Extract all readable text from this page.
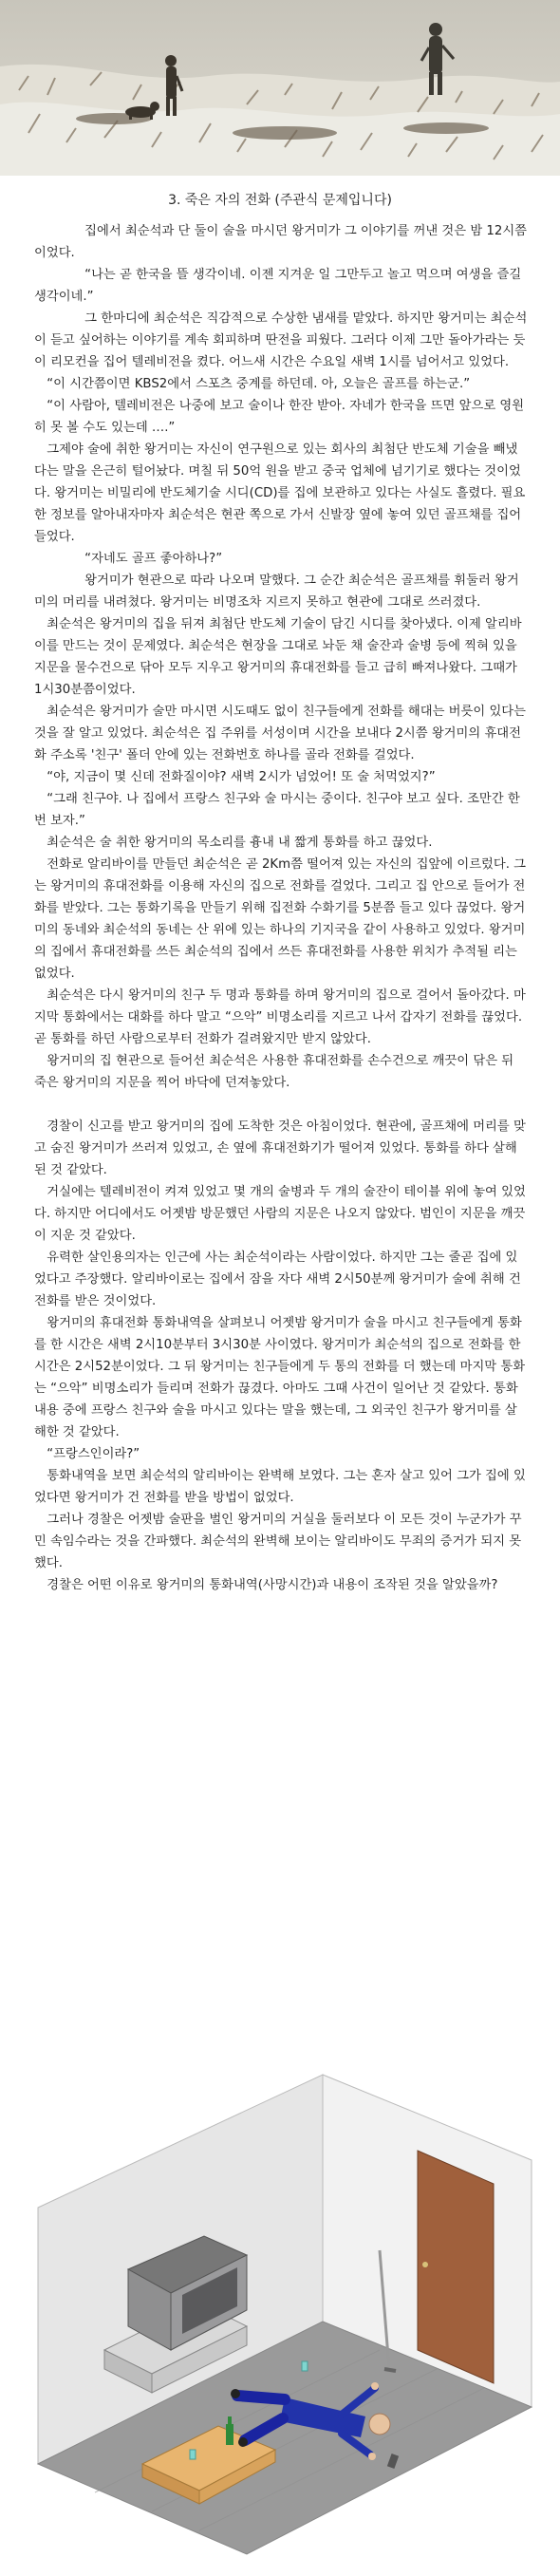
3. 죽은 자의 전화 (주관식 문제입니다)

　　　　집에서 최순석과 단 둘이 술을 마시던 왕거미가 그 이야기를 꺼낸 것은 밤 12시쯤이었다.

　　　　“나는 곧 한국을 뜰 생각이네. 이젠 지겨운 일 그만두고 놀고 먹으며 여생을 즐길 생각이네.”

　　　　그 한마디에 최순석은 직감적으로 수상한 냄새를 맡았다. 하지만 왕거미는 최순석이 듣고 싶어하는 이야기를 계속 회피하며 딴전을 피웠다. 그러다 이제 그만 돌아가라는 듯이 리모컨을 집어 텔레비전을 켰다. 어느새 시간은 수요일 새벽 1시를 넘어서고 있었다.

　“이 시간쯤이면 KBS2에서 스포츠 중계를 하던데. 아, 오늘은 골프를 하는군.”

　“이 사람아, 텔레비전은 나중에 보고 술이나 한잔 받아. 자네가 한국을 뜨면 앞으로 영원히 못 볼 수도 있는데 ….”

　그제야 술에 취한 왕거미는 자신이 연구원으로 있는 회사의 최첨단 반도체 기술을 빼냈다는 말을 은근히 털어놨다. 며칠 뒤 50억 원을 받고 중국 업체에 넘기기로 했다는 것이었다. 왕거미는 비밀리에 반도체기술 시디(CD)를 집에 보관하고 있다는 사실도 흘렸다. 필요한 정보를 알아내자마자 최순석은 현관 쪽으로 가서 신발장 옆에 놓여 있던 골프채를 집어 들었다.

　　　　“자네도 골프 좋아하나?”

　　　　왕거미가 현관으로 따라 나오며 말했다. 그 순간 최순석은 골프채를 휘둘러 왕거미의 머리를 내려쳤다. 왕거미는 비명조차 지르지 못하고 현관에 그대로 쓰러졌다.

　최순석은 왕거미의 집을 뒤져 최첨단 반도체 기술이 담긴 시디를 찾아냈다. 이제 알리바이를 만드는 것이 문제였다. 최순석은 현장을 그대로 놔둔 채 술잔과 술병 등에 찍혀 있을 지문을 물수건으로 닦아 모두 지우고 왕거미의 휴대전화를 들고 급히 빠져나왔다. 그때가 1시30분쯤이었다.

　최순석은 왕거미가 술만 마시면 시도때도 없이 친구들에게 전화를 해대는 버릇이 있다는 것을 잘 알고 있었다. 최순석은 집 주위를 서성이며 시간을 보내다 2시쯤 왕거미의 휴대전화 주소록 '친구' 폴더 안에 있는 전화번호 하나를 골라 전화를 걸었다.

　“야, 지금이 몇 신데 전화질이야? 새벽 2시가 넘었어! 또 술 처먹었지?”

　“그래 친구야. 나 집에서 프랑스 친구와 술 마시는 중이다. 친구야 보고 싶다. 조만간 한번 보자.”

　최순석은 술 취한 왕거미의 목소리를 흉내 내 짧게 통화를 하고 끊었다.

　전화로 알리바이를 만들던 최순석은 곧 2Km쯤 떨어져 있는 자신의 집앞에 이르렀다. 그는 왕거미의 휴대전화를 이용해 자신의 집으로 전화를 걸었다. 그리고 집 안으로 들어가 전화를 받았다. 그는 통화기록을 만들기 위해 집전화 수화기를 5분쯤 들고 있다 끊었다. 왕거미의 동네와 최순석의 동네는 산 위에 있는 하나의 기지국을 같이 사용하고 있었다. 왕거미의 집에서 휴대전화를 쓰든 최순석의 집에서 쓰든 휴대전화를 사용한 위치가 추적될 리는 없었다.

　최순석은 다시 왕거미의 친구 두 명과 통화를 하며 왕거미의 집으로 걸어서 돌아갔다. 마지막 통화에서는 대화를 하다 말고 “으악” 비명소리를 지르고 나서 갑자기 전화를 끊었다. 곧 통화를 하던 사람으로부터 전화가 걸려왔지만 받지 않았다.

　왕거미의 집 현관으로 들어선 최순석은 사용한 휴대전화를 손수건으로 깨끗이 닦은 뒤 죽은 왕거미의 지문을 찍어 바닥에 던져놓았다.

　경찰이 신고를 받고 왕거미의 집에 도착한 것은 아침이었다. 현관에, 골프채에 머리를 맞고 숨진 왕거미가 쓰러져 있었고, 손 옆에 휴대전화기가 떨어져 있었다. 통화를 하다 살해된 것 같았다.

　거실에는 텔레비전이 켜져 있었고 몇 개의 술병과 두 개의 술잔이 테이블 위에 놓여 있었다. 하지만 어디에서도 어젯밤 방문했던 사람의 지문은 나오지 않았다. 범인이 지문을 깨끗이 지운 것 같았다.

　유력한 살인용의자는 인근에 사는 최순석이라는 사람이었다. 하지만 그는 줄곧 집에 있었다고 주장했다. 알리바이로는 집에서 잠을 자다 새벽 2시50분께 왕거미가 술에 취해 건 전화를 받은 것이었다.

　왕거미의 휴대전화 통화내역을 살펴보니 어젯밤 왕거미가 술을 마시고 친구들에게 통화를 한 시간은 새벽 2시10분부터 3시30분 사이였다. 왕거미가 최순석의 집으로 전화를 한 시간은 2시52분이었다. 그 뒤 왕거미는 친구들에게 두 통의 전화를 더 했는데 마지막 통화는 “으악” 비명소리가 들리며 전화가 끊겼다. 아마도 그때 사건이 일어난 것 같았다. 통화내용 중에 프랑스 친구와 술을 마시고 있다는 말을 했는데, 그 외국인 친구가 왕거미를 살해한 것 같았다.

　“프랑스인이라?”

　통화내역을 보면 최순석의 알리바이는 완벽해 보였다. 그는 혼자 살고 있어 그가 집에 있었다면 왕거미가 건 전화를 받을 방법이 없었다.

　그러나 경찰은 어젯밤 술판을 벌인 왕거미의 거실을 둘러보다 이 모든 것이 누군가가 꾸민 속임수라는 것을 간파했다. 최순석의 완벽해 보이는 알리바이도 무죄의 증거가 되지 못했다.

　경찰은 어떤 이유로 왕거미의 통화내역(사망시간)과 내용이 조작된 것을 알았을까?
